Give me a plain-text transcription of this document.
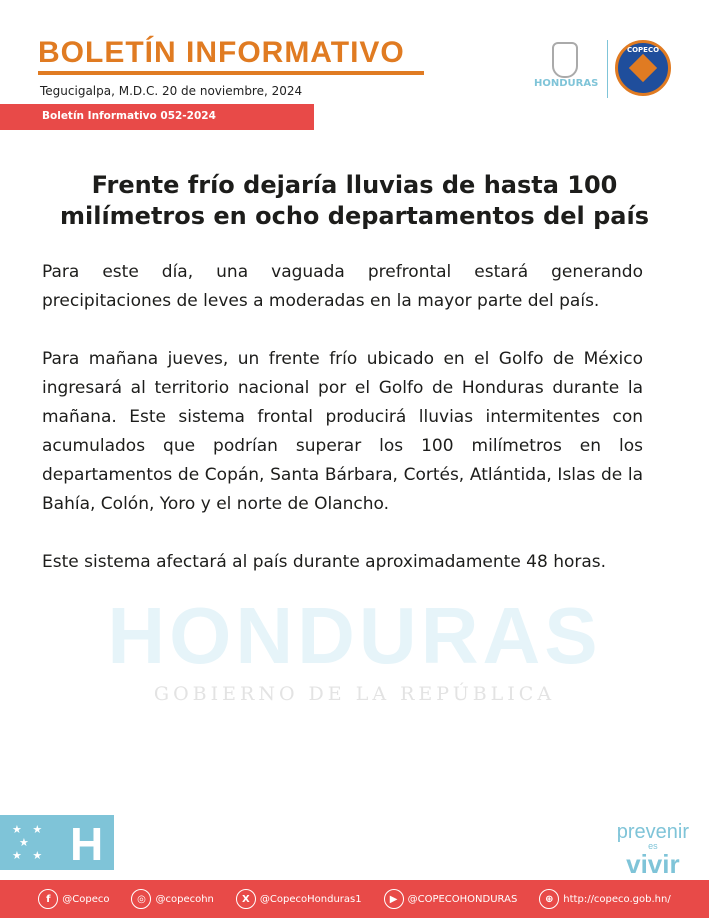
HONDURAS
GOBIERNO DE LA REPÚBLICA
BOLETÍN INFORMATIVO
Tegucigalpa, M.D.C. 20 de noviembre, 2024
Boletín Informativo 052-2024
HONDURAS
COPECO
Frente frío dejaría lluvias de hasta 100 milímetros en ocho departamentos del país

Para este día, una vaguada prefrontal estará generando precipitaciones de leves a moderadas en la mayor parte del país.

Para mañana jueves, un frente frío ubicado en el Golfo de México ingresará al territorio nacional por el Golfo de Honduras durante la mañana. Este sistema frontal producirá lluvias intermitentes con acumulados que podrían superar los 100 milímetros en los departamentos de Copán, Santa Bárbara, Cortés, Atlántida, Islas de la Bahía, Colón, Yoro y el norte de Olancho.

Este sistema afectará al país durante aproximadamente 48 horas.

★   ★
★
★   ★ H	prevenir
es
vivir
f	@Copeco	◎ @copecohn	X	@CopecoHonduras1	▶	@COPECOHONDURAS	⊕ http://copeco.gob.hn/
